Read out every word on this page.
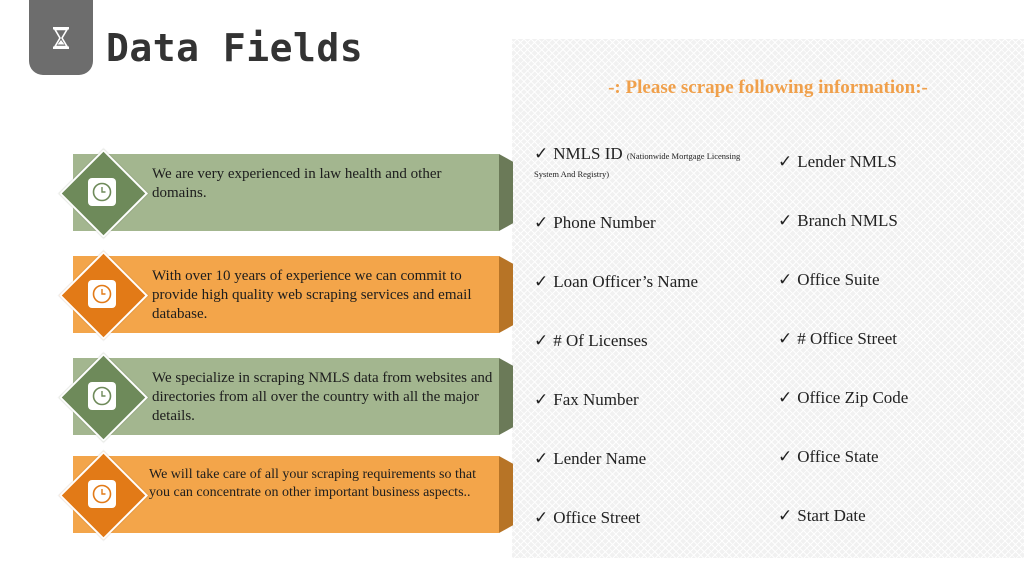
Data Fields

-: Please scrape following information:-

✓ NMLS ID (Nationwide Mortgage Licensing System And Registry)
✓ Phone Number
✓ Loan Officer’s Name
✓ # Of Licenses
✓ Fax Number
✓ Lender Name
✓ Office Street
✓ Lender NMLS
✓ Branch NMLS
✓ Office Suite
✓ # Office Street
✓ Office Zip Code
✓ Office State
✓ Start Date

We are very experienced in law health and other domains.

With over 10 years of experience we can commit to provide high quality web scraping services and email database.

We specialize in scraping NMLS data from websites and directories from all over the country with all the major details.

We will take care of all your scraping requirements so that you can concentrate on other important business aspects..
